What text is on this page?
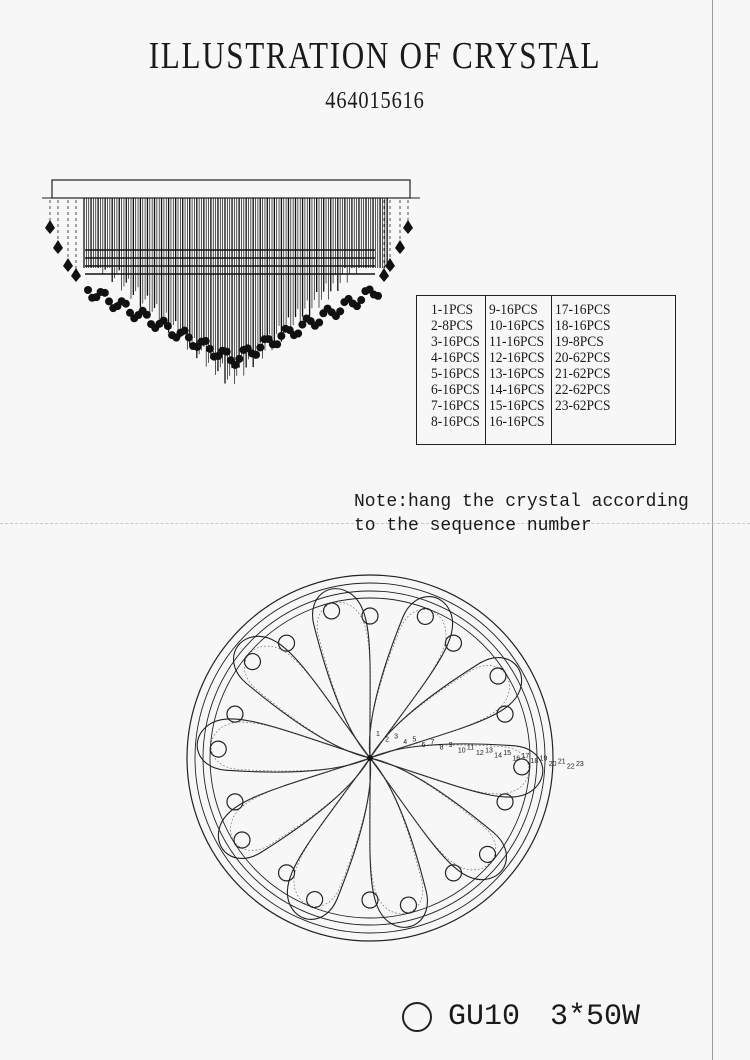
ILLUSTRATION OF CRYSTAL
464015616
1-1PCS
2-8PCS
3-16PCS
4-16PCS
5-16PCS
6-16PCS
7-16PCS
8-16PCS
9-16PCS
10-16PCS
11-16PCS
12-16PCS
13-16PCS
14-16PCS
15-16PCS
16-16PCS
17-16PCS
18-16PCS
19-8PCS
20-62PCS
21-62PCS
22-62PCS
23-62PCS
Note:hang the crystal according
to the sequence number
1
2 3
4 5
6 7
8 9
10 11
12 13
14 15
16 17
18 19
20 21
22 23
GU10 3*50W
